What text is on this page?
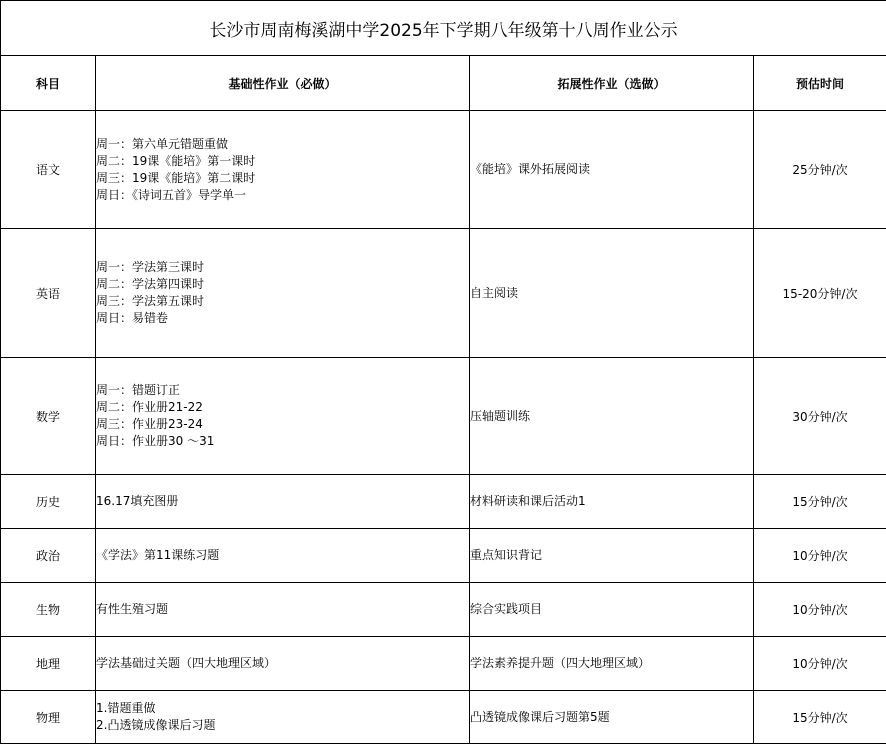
长沙市周南梅溪湖中学2025年下学期八年级第十八周作业公示			
科目	基础性作业（必做）	拓展性作业（选做）	预估时间
语文	周一：第六单元错题重做
周二：19课《能培》第一课时
周三：19课《能培》第二课时
周日：《诗词五首》导学单一	《能培》课外拓展阅读	25分钟/次
英语	周一：学法第三课时
周二：学法第四课时
周三：学法第五课时
周日：易错卷	自主阅读	15-20分钟/次
数学	周一：错题订正
周二：作业册21-22
周三：作业册23-24
周日：作业册30 ～31	压轴题训练	30分钟/次
历史	16.17填充图册	材料研读和课后活动1	15分钟/次
政治	《学法》第11课练习题	重点知识背记	10分钟/次
生物	有性生殖习题	综合实践项目	10分钟/次
地理	学法基础过关题（四大地理区域）	学法素养提升题（四大地理区域）	10分钟/次
物理	1.错题重做
2.凸透镜成像课后习题	凸透镜成像课后习题第5题	15分钟/次
